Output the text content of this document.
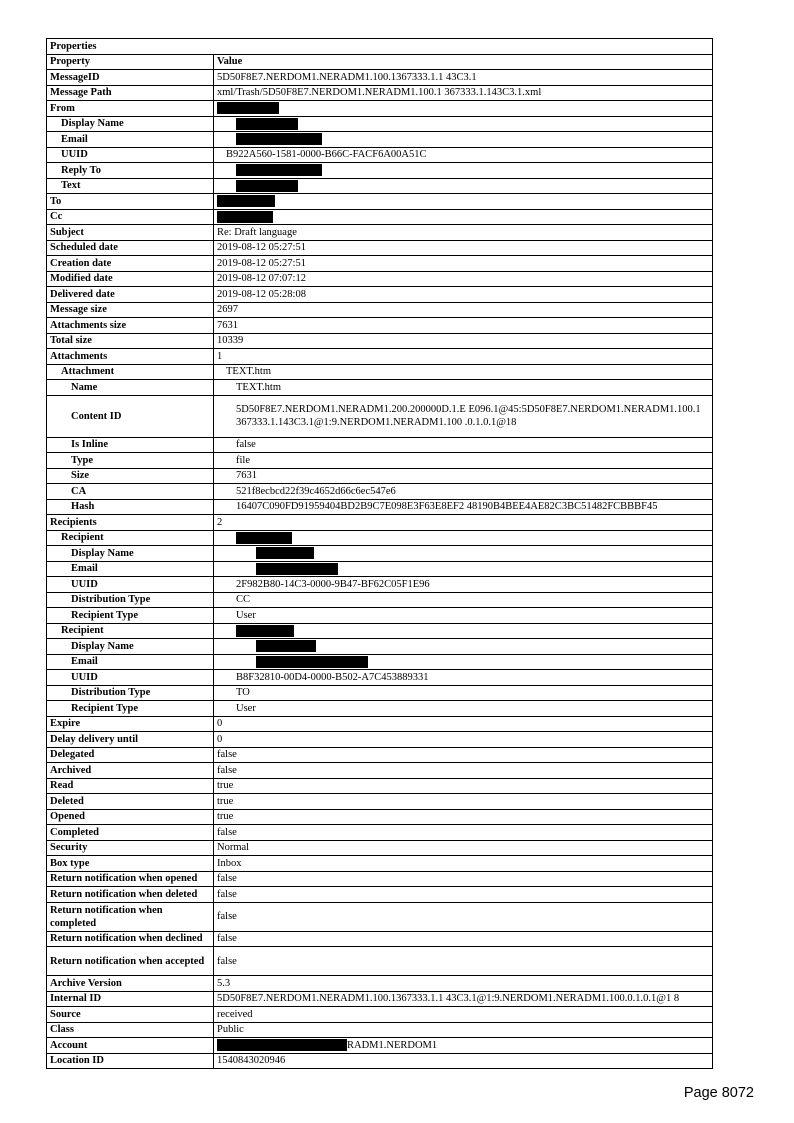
Properties	
Property	Value
MessageID	5D50F8E7.NERDOM1.NERADM1.100.1367333.1.1 43C3.1
Message Path	xml/Trash/5D50F8E7.NERDOM1.NERADM1.100.1 367333.1.143C3.1.xml
From	
Display Name	
Email	
UUID	B922A560-1581-0000-B66C-FACF6A00A51C
Reply To	
Text	
To	
Cc	
Subject	Re: Draft language
Scheduled date	2019-08-12 05:27:51
Creation date	2019-08-12 05:27:51
Modified date	2019-08-12 07:07:12
Delivered date	2019-08-12 05:28:08
Message size	2697
Attachments size	7631
Total size	10339
Attachments	1
Attachment	TEXT.htm
Name	TEXT.htm
Content ID	5D50F8E7.NERDOM1.NERADM1.200.200000D.1.E E096.1@45:5D50F8E7.NERDOM1.NERADM1.100.1 367333.1.143C3.1@1:9.NERDOM1.NERADM1.100 .0.1.0.1@18
Is Inline	false
Type	file
Size	7631
CA	521f8ecbcd22f39c4652d66c6ec547e6
Hash	16407C090FD91959404BD2B9C7E098E3F63E8EF2 48190B4BEE4AE82C3BC51482FCBBBF45
Recipients	2
Recipient	
Display Name	
Email	
UUID	2F982B80-14C3-0000-9B47-BF62C05F1E96
Distribution Type	CC
Recipient Type	User
Recipient	
Display Name	
Email	
UUID	B8F32810-00D4-0000-B502-A7C453889331
Distribution Type	TO
Recipient Type	User
Expire	0
Delay delivery until	0
Delegated	false
Archived	false
Read	true
Deleted	true
Opened	true
Completed	false
Security	Normal
Box type	Inbox
Return notification when opened	false
Return notification when deleted	false
Return notification when completed	false
Return notification when declined	false
Return notification when accepted	false
Archive Version	5.3
Internal ID	5D50F8E7.NERDOM1.NERADM1.100.1367333.1.1 43C3.1@1:9.NERDOM1.NERADM1.100.0.1.0.1@1 8
Source	received
Class	Public
Account	RADM1.NERDOM1
Location ID	1540843020946
Page 8072
